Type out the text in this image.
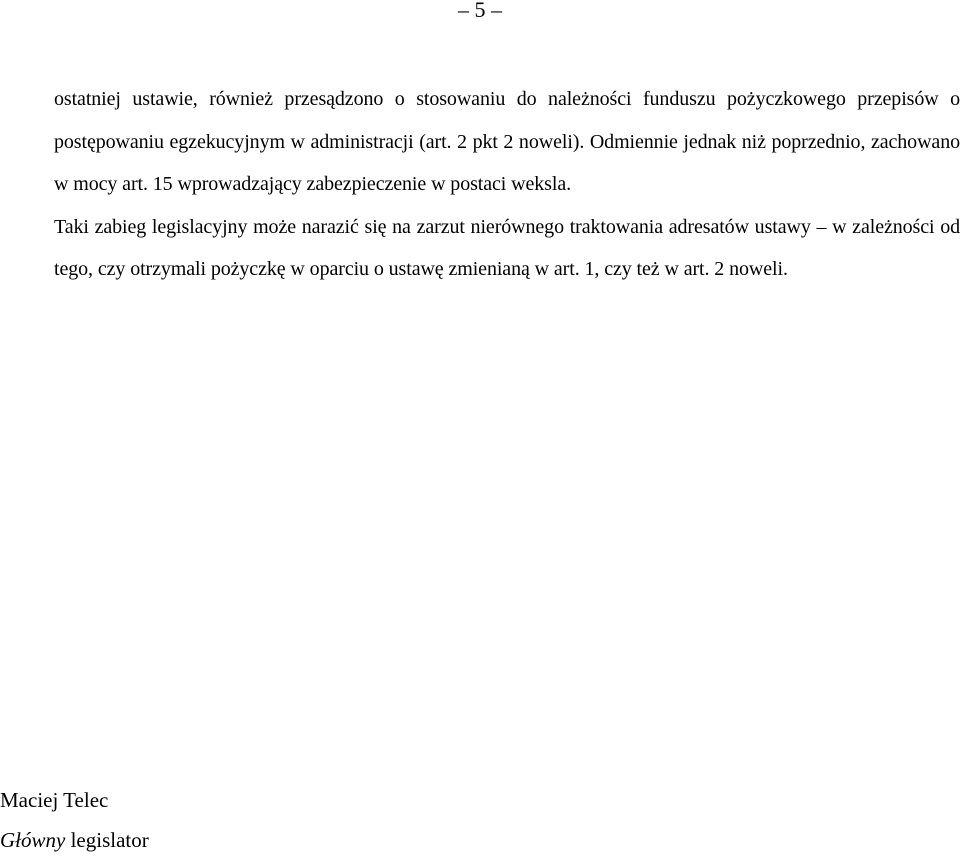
– 5 –

ostatniej ustawie, również przesądzono o stosowaniu do należności funduszu pożyczkowego przepisów o postępowaniu egzekucyjnym w administracji (art. 2 pkt 2 noweli). Odmiennie jednak niż poprzednio, zachowano w mocy art. 15 wprowadzający zabezpieczenie w postaci weksla.

Taki zabieg legislacyjny może narazić się na zarzut nierównego traktowania adresatów ustawy – w zależności od tego, czy otrzymali pożyczkę w oparciu o ustawę zmienianą w art. 1, czy też w art. 2 noweli.

Maciej Telec
Główny legislator
